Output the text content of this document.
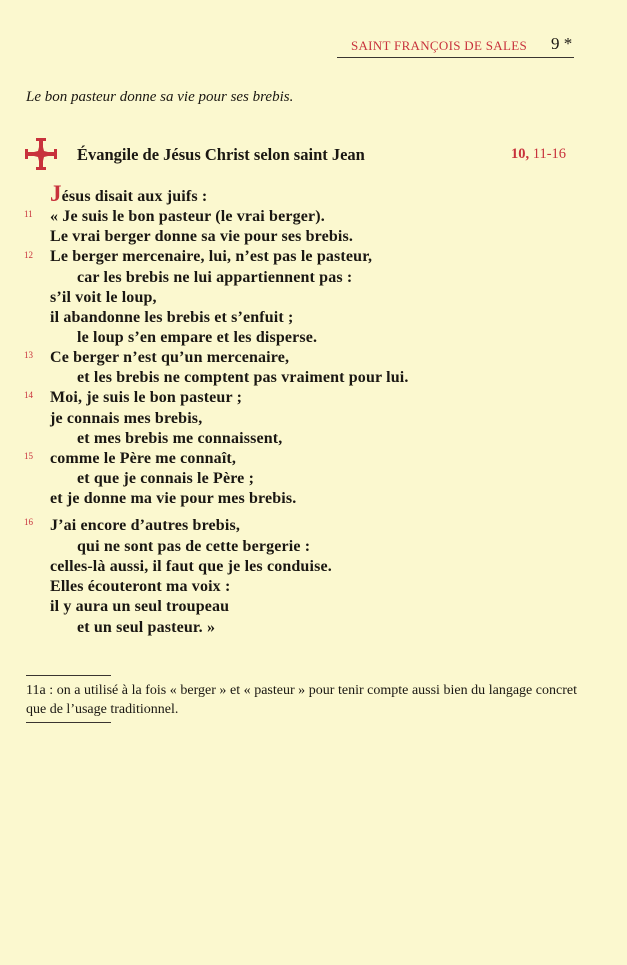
SAINT FRANÇOIS DE SALES 9 *
Le bon pasteur donne sa vie pour ses brebis.
Évangile de Jésus Christ selon saint Jean	10, 11-16
11
12
13
14
15
16
Jésus disait aux juifs :
« Je suis le bon pasteur (le vrai berger).
Le vrai berger donne sa vie pour ses brebis.
Le berger mercenaire, lui, n’est pas le pasteur,
car les brebis ne lui appartiennent pas :
s’il voit le loup,
il abandonne les brebis et s’enfuit ;
le loup s’en empare et les disperse.
Ce berger n’est qu’un mercenaire,
et les brebis ne comptent pas vraiment pour lui.
Moi, je suis le bon pasteur ;
je connais mes brebis,
et mes brebis me connaissent,
comme le Père me connaît,
et que je connais le Père ;
et je donne ma vie pour mes brebis.
J’ai encore d’autres brebis,
qui ne sont pas de cette bergerie :
celles-là aussi, il faut que je les conduise.
Elles écouteront ma voix :
il y aura un seul troupeau
et un seul pasteur. »
11a : on a utilisé à la fois « berger » et « pasteur » pour tenir compte aussi bien du langage concret que de l’usage traditionnel.
